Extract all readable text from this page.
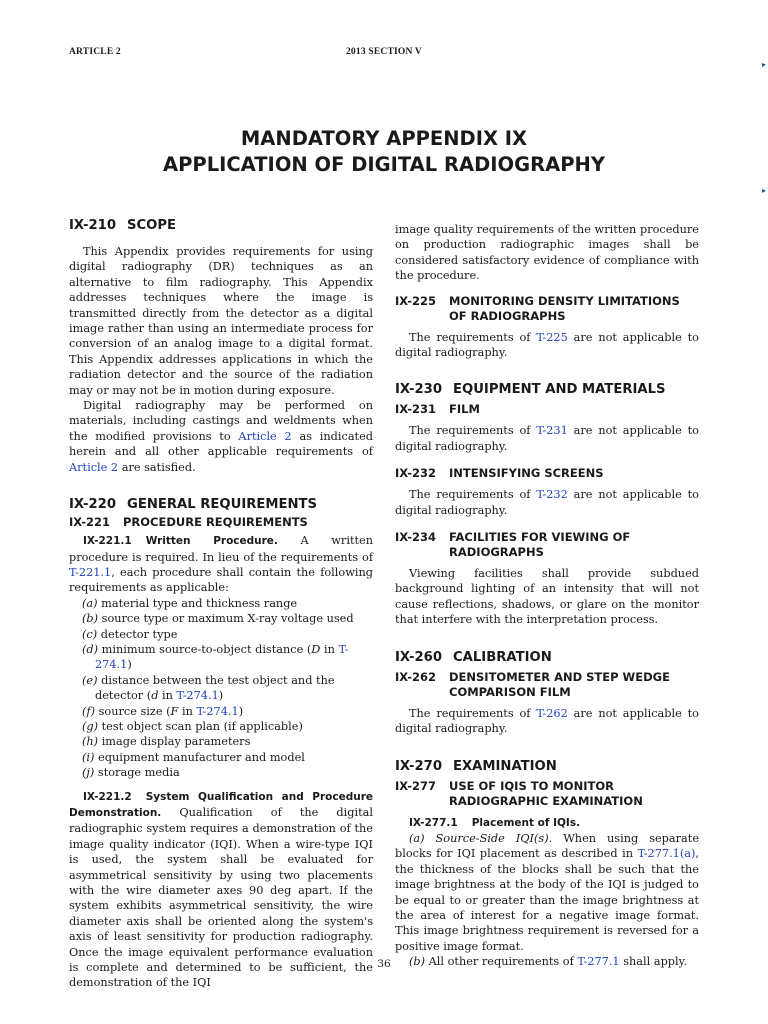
ARTICLE 2	2013 SECTION V
▸
▸
MANDATORY APPENDIX IX
APPLICATION OF DIGITAL RADIOGRAPHY
IX-210 SCOPE

This Appendix provides requirements for using digital radiography (DR) techniques as an alternative to film radiography. This Appendix addresses techniques where the image is transmitted directly from the detector as a digital image rather than using an intermediate process for conversion of an analog image to a digital format. This Appendix addresses applications in which the radiation detector and the source of the radiation may or may not be in motion during exposure.

Digital radiography may be performed on materials, including castings and weldments when the modified provisions to Article 2 as indicated herein and all other applicable requirements of Article 2 are satisfied.

IX-220 GENERAL REQUIREMENTS
IX-221	PROCEDURE REQUIREMENTS

IX-221.1 Written Procedure. A written procedure is required. In lieu of the requirements of T-221.1, each procedure shall contain the following requirements as applicable:

(a) material type and thickness range
(b) source type or maximum X-ray voltage used
(c) detector type
(d) minimum source-to-object distance (D in T-274.1)
(e) distance between the test object and the detector (d in T-274.1)
(f) source size (F in T-274.1)
(g) test object scan plan (if applicable)
(h) image display parameters
(i) equipment manufacturer and model
(j) storage media

IX-221.2 System Qualification and Procedure Demonstration. Qualification of the digital radiographic system requires a demonstration of the image quality indicator (IQI). When a wire-type IQI is used, the system shall be evaluated for asymmetrical sensitivity by using two placements with the wire diameter axes 90 deg apart. If the system exhibits asymmetrical sensitivity, the wire diameter axis shall be oriented along the system's axis of least sensitivity for production radiography. Once the image equivalent performance evaluation is complete and determined to be sufficient, the demonstration of the IQI

image quality requirements of the written procedure on production radiographic images shall be considered satisfactory evidence of compliance with the procedure.

IX-225	MONITORING DENSITY LIMITATIONS OF RADIOGRAPHS

The requirements of T-225 are not applicable to digital radiography.

IX-230 EQUIPMENT AND MATERIALS
IX-231	FILM

The requirements of T-231 are not applicable to digital radiography.

IX-232	INTENSIFYING SCREENS

The requirements of T-232 are not applicable to digital radiography.

IX-234	FACILITIES FOR VIEWING OF RADIOGRAPHS

Viewing facilities shall provide subdued background lighting of an intensity that will not cause reflections, shadows, or glare on the monitor that interfere with the interpretation process.

IX-260 CALIBRATION
IX-262	DENSITOMETER AND STEP WEDGE COMPARISON FILM

The requirements of T-262 are not applicable to digital radiography.

IX-270 EXAMINATION
IX-277	USE OF IQIS TO MONITOR RADIOGRAPHIC EXAMINATION

IX-277.1 Placement of IQIs.

(a) Source-Side IQI(s). When using separate blocks for IQI placement as described in T-277.1(a), the thickness of the blocks shall be such that the image brightness at the body of the IQI is judged to be equal to or greater than the image brightness at the area of interest for a negative image format. This image brightness requirement is reversed for a positive image format.

(b) All other requirements of T-277.1 shall apply.

36
